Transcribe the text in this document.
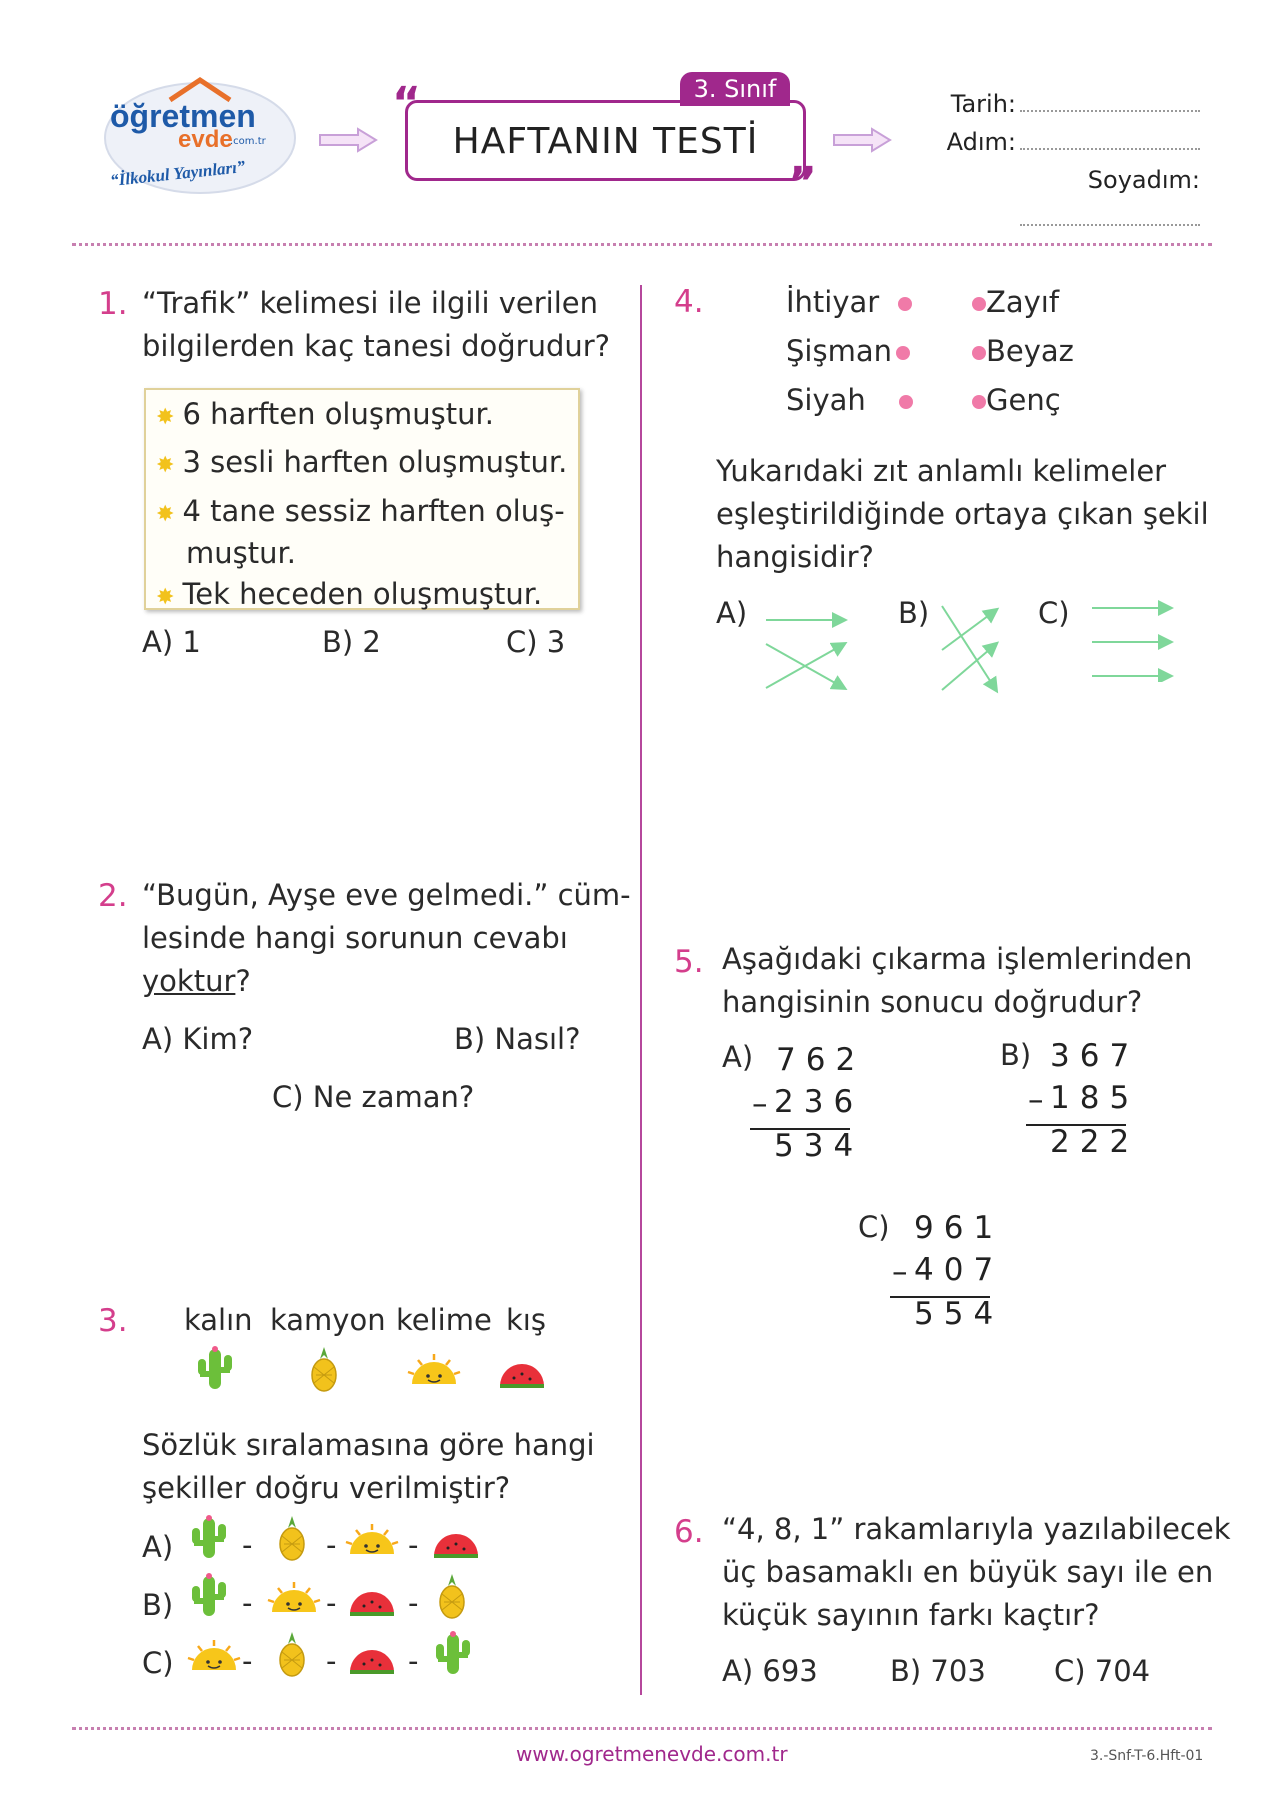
öğretmen
evde
.com.tr
“İlkokul Yayınları”
HAFTANIN TESTİ
“
”
3. Sınıf
Tarih:
Adım:
Soyadım:
1. “Trafik” kelimesi ile ilgili verilen
bilgilerden kaç tanesi doğrudur?
✸ 6 harften oluşmuştur.
✸ 3 sesli harften oluşmuştur.
✸ 4 tane sessiz harften oluş-
muştur.
✸ Tek heceden oluşmuştur.
A) 1	B) 2	C) 3
2. “Bugün, Ayşe eve gelmedi.” cüm-
lesinde hangi sorunun cevabı
yoktur?
A) Kim?	B) Nasıl?
C) Ne zaman?
3. kalın kamyon kelime kış
Sözlük sıralamasına göre hangi
şekiller doğru verilmiştir?
A) -	- -
B) -	- -
C) -	- -
4.	İhtiyar
Şişman
Siyah
Zayıf
Beyaz
Genç
Yukarıdaki zıt anlamlı kelimeler
eşleştirildiğinde ortaya çıkan şekil
hangisidir?
A)	B)	C)
5. Aşağıdaki çıkarma işlemlerinden
hangisinin sonucu doğrudur?
A) 762
– 236
534
B) 367
– 185
222
C) 961
– 407
554
6. “4, 8, 1” rakamlarıyla yazılabilecek
üç basamaklı en büyük sayı ile en
küçük sayının farkı kaçtır?
A) 693 B) 703 C) 704
www.ogretmenevde.com.tr	3.-Snf-T-6.Hft-01
